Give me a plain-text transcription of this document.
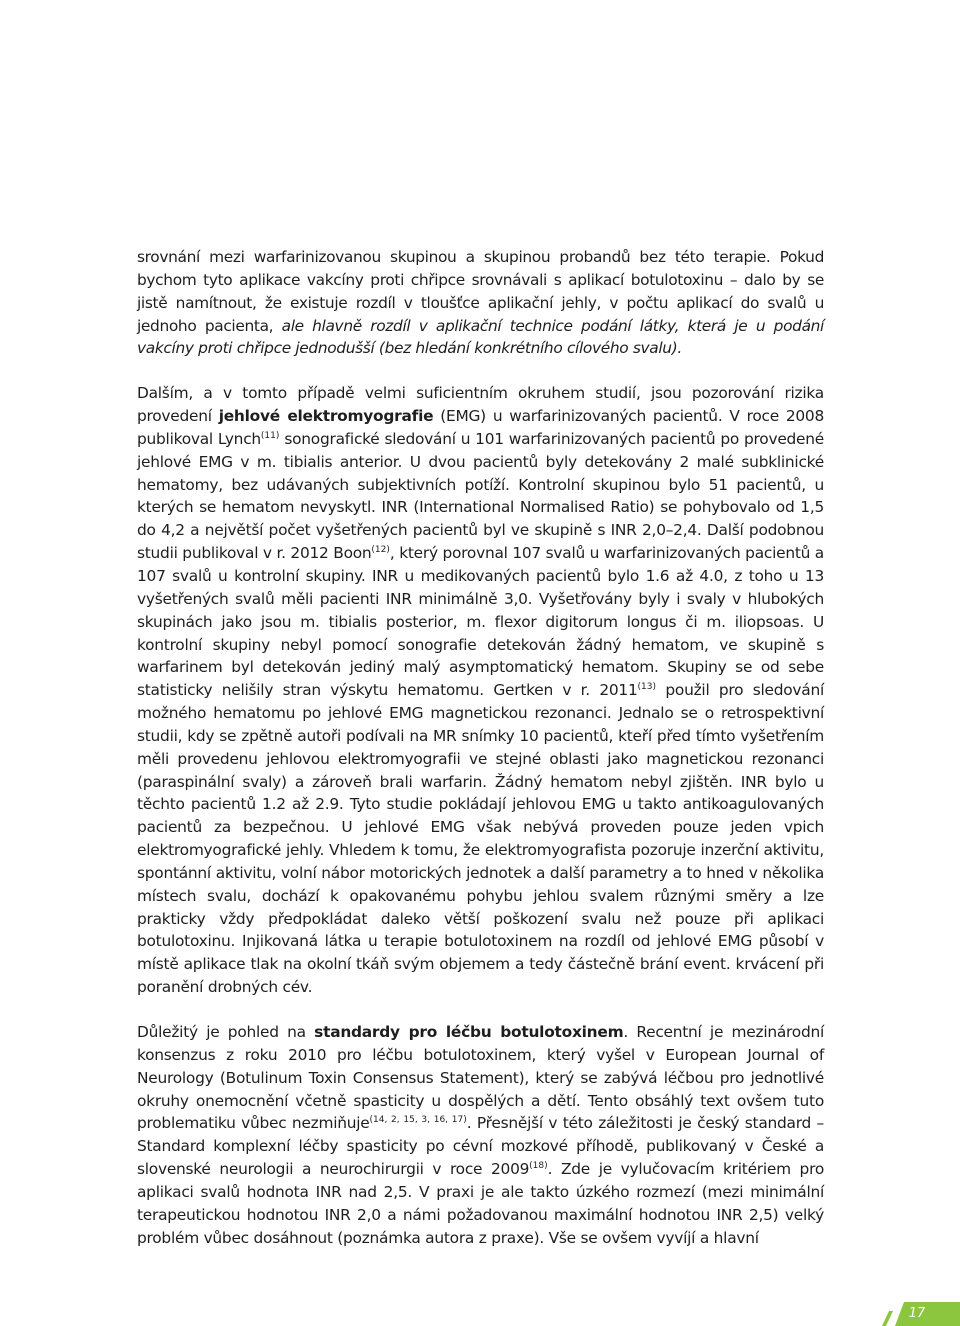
srovnání mezi warfarinizovanou skupinou a skupinou probandů bez této terapie. Pokud bychom tyto aplikace vakcíny proti chřipce srovnávali s aplikací botulotoxinu – dalo by se jistě namítnout, že existuje rozdíl v tloušťce aplikační jehly, v počtu aplikací do svalů u jednoho pacienta, ale hlavně rozdíl v aplikační technice podání látky, která je u podání vakcíny proti chřipce jednodušší (bez hledání konkrétního cílového svalu).

Dalším, a v tomto případě velmi suficientním okruhem studií, jsou pozorování rizika provedení jehlové elektromyografie (EMG) u warfarinizovaných pacientů. V roce 2008 publikoval Lynch$^{(11)}$ sonografické sledování u 101 warfarinizovaných pacientů po provedené jehlové EMG v m. tibialis anterior. U dvou pacientů byly detekovány 2 malé subklinické hematomy, bez udávaných subjektivních potíží. Kontrolní skupinou bylo 51 pacientů, u kterých se hematom nevyskytl. INR (International Normalised Ratio) se pohybovalo od 1,5 do 4,2 a největší počet vyšetřených pacientů byl ve skupině s INR 2,0–2,4. Další podobnou studii publikoval v r. 2012 Boon$^{(12)}$, který porovnal 107 svalů u warfarinizovaných pacientů a 107 svalů u kontrolní skupiny. INR u medikovaných pacientů bylo 1.6 až 4.0, z toho u 13 vyšetřených svalů měli pacienti INR minimálně 3,0. Vyšetřovány byly i svaly v hlubokých skupinách jako jsou m. tibialis posterior, m. flexor digitorum longus či m. iliopsoas. U kontrolní skupiny nebyl pomocí sonografie detekován žádný hematom, ve skupině s warfarinem byl detekován jediný malý asymptomatický hematom. Skupiny se od sebe statisticky nelišily stran výskytu hematomu. Gertken v r. 2011$^{(13)}$ použil pro sledování možného hematomu po jehlové EMG magnetickou rezonanci. Jednalo se o retrospektivní studii, kdy se zpětně autoři podívali na MR snímky 10 pacientů, kteří před tímto vyšetřením měli provedenu jehlovou elektromyografii ve stejné oblasti jako magnetickou rezonanci (paraspinální svaly) a zároveň brali warfarin. Žádný hematom nebyl zjištěn. INR bylo u těchto pacientů 1.2 až 2.9. Tyto studie pokládají jehlovou EMG u takto antikoagulovaných pacientů za bezpečnou. U jehlové EMG však nebývá proveden pouze jeden vpich elektromyografické jehly. Vhledem k tomu, že elektromyografista pozoruje inzerční aktivitu, spontánní aktivitu, volní nábor motorických jednotek a další parametry a to hned v několika místech svalu, dochází k opakovanému pohybu jehlou svalem různými směry a lze prakticky vždy předpokládat daleko větší poškození svalu než pouze při aplikaci botulotoxinu. Injikovaná látka u terapie botulotoxinem na rozdíl od jehlové EMG působí v místě aplikace tlak na okolní tkáň svým objemem a tedy částečně brání event. krvácení při poranění drobných cév.

Důležitý je pohled na standardy pro léčbu botulotoxinem. Recentní je mezinárodní konsenzus z roku 2010 pro léčbu botulotoxinem, který vyšel v European Journal of Neurology (Botulinum Toxin Consensus Statement), který se zabývá léčbou pro jednotlivé okruhy onemocnění včetně spasticity u dospělých a dětí. Tento obsáhlý text ovšem tuto problematiku vůbec nezmiňuje$^{(14, 2, 15, 3, 16, 17)}$. Přesnější v této záležitosti je český standard – Standard komplexní léčby spasticity po cévní mozkové příhodě, publikovaný v České a slovenské neurologii a neurochirurgii v roce 2009$^{(18)}$. Zde je vylučovacím kritériem pro aplikaci svalů hodnota INR nad 2,5. V praxi je ale takto úzkého rozmezí (mezi minimální terapeutickou hodnotou INR 2,0 a námi požadovanou maximální hodnotou INR 2,5) velký problém vůbec dosáhnout (poznámka autora z praxe). Vše se ovšem vyvíjí a hlavní

17
